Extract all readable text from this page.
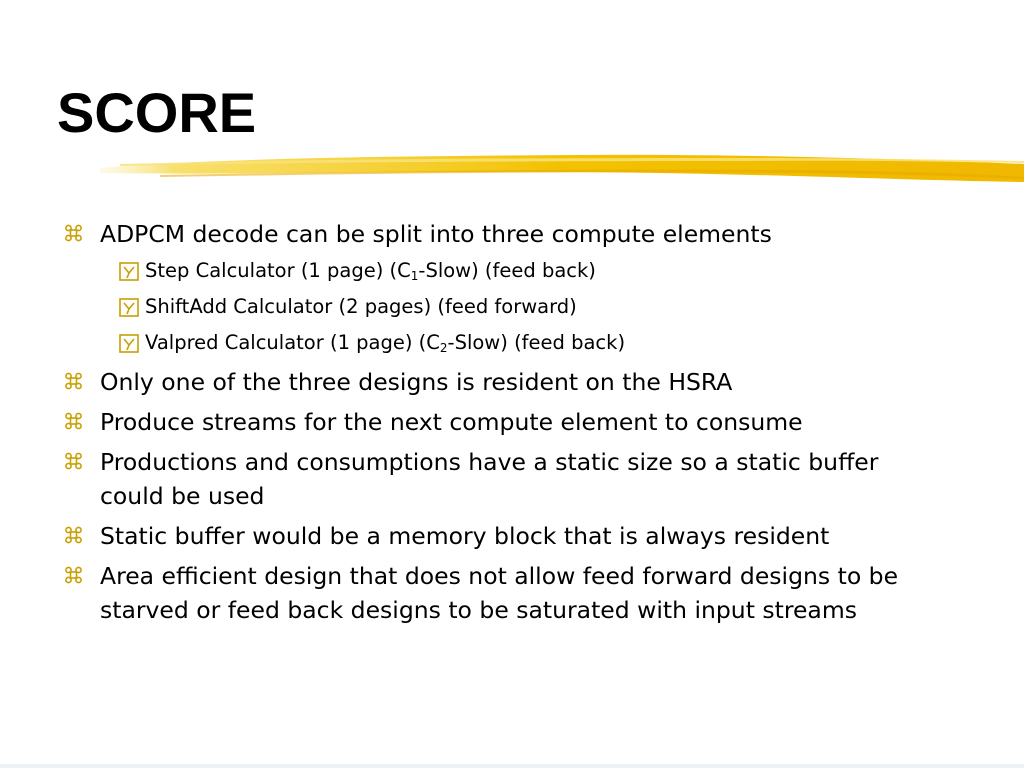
SCORE
ADPCM decode can be split into three compute elements
Step Calculator (1 page) $(C_1-Slow)$ (feed back)
ShiftAdd Calculator (2 pages) (feed forward)
Valpred Calculator (1 page) $(C_2-Slow)$ (feed back)
Only one of the three designs is resident on the HSRA
Produce streams for the next compute element to consume
Productions and consumptions have a static size so a static buffer
could be used
Static buffer would be a memory block that is always resident
Area efficient design that does not allow feed forward designs to be
starved or feed back designs to be saturated with input streams
